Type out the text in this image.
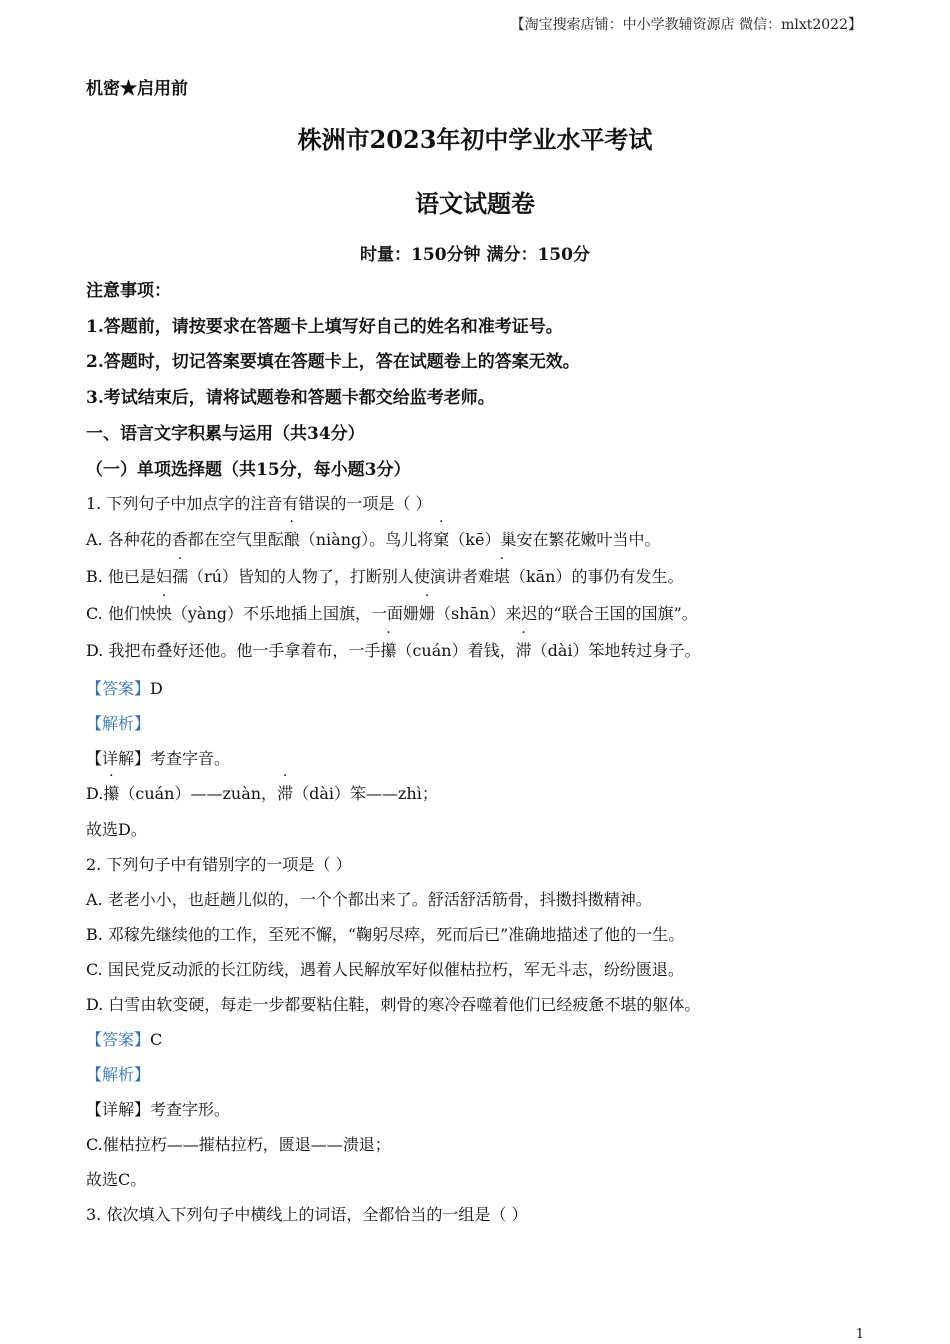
【淘宝搜索店铺：中小学教辅资源店 微信：mlxt2022】
机密★启用前
株洲市2023年初中学业水平考试
语文试题卷
时量：150分钟 满分：150分
注意事项：
1.答题前，请按要求在答题卡上填写好自己的姓名和准考证号。
2.答题时，切记答案要填在答题卡上，答在试题卷上的答案无效。
3.考试结束后，请将试题卷和答题卡都交给监考老师。
一、语言文字积累与运用（共34分）
（一）单项选择题（共15分，每小题3分）
1. 下列句子中加点字的注音有错误的一项是（ ）
A. 各种花的香都在空气里酝酿（niàng）。鸟儿将窠（kē）巢安在繁花嫩叶当中。
B. 他已是妇孺（rú）皆知的人物了，打断别人使演讲者难堪（kān）的事仍有发生。
C. 他们怏怏（yàng）不乐地插上国旗，一面姗姗（shān）来迟的“联合王国的国旗”。
D. 我把布叠好还他。他一手拿着布，一手攥（cuán）着钱，滞（dài）笨地转过身子。
【答案】D
【解析】
【详解】考查字音。
D.攥（cuán）——zuàn，滞（dài）笨——zhì；
故选D。
2. 下列句子中有错别字的一项是（ ）
A. 老老小小，也赶趟儿似的，一个个都出来了。舒活舒活筋骨，抖擞抖擞精神。
B. 邓稼先继续他的工作，至死不懈，“鞠躬尽瘁，死而后已”准确地描述了他的一生。
C. 国民党反动派的长江防线，遇着人民解放军好似催枯拉朽，军无斗志，纷纷匮退。
D. 白雪由软变硬，每走一步都要粘住鞋，刺骨的寒冷吞噬着他们已经疲惫不堪的躯体。
【答案】C
【解析】
【详解】考查字形。
C.催枯拉朽——摧枯拉朽，匮退——溃退；
故选C。
3. 依次填入下列句子中横线上的词语，全都恰当的一组是（ ）
1
